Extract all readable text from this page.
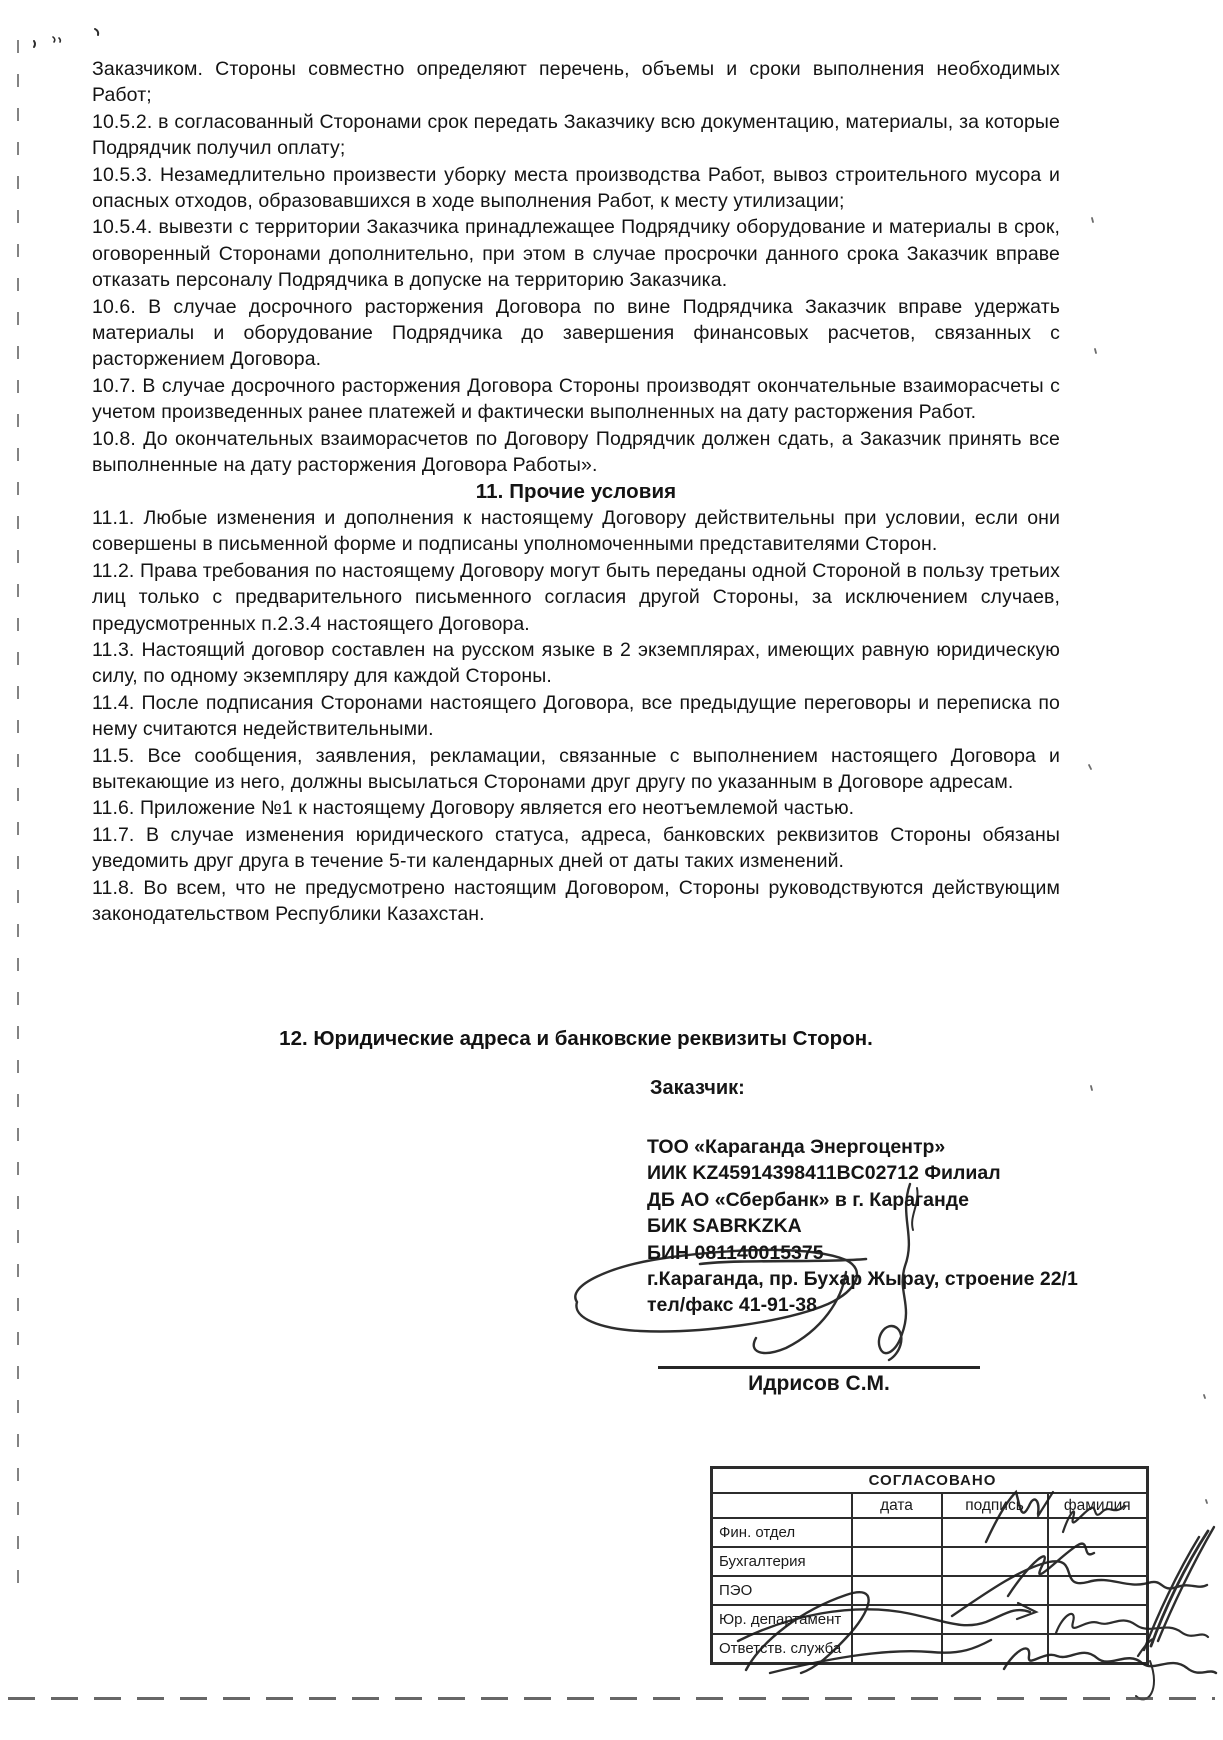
Заказчиком. Стороны совместно определяют перечень, объемы и сроки выполнения необходимых Работ;

10.5.2. в согласованный Сторонами срок передать Заказчику всю документацию, материалы, за которые Подрядчик получил оплату;

10.5.3. Незамедлительно произвести уборку места производства Работ, вывоз строительного мусора и опасных отходов, образовавшихся в ходе выполнения Работ, к месту утилизации;

10.5.4. вывезти с территории Заказчика принадлежащее Подрядчику оборудование и материалы в срок, оговоренный Сторонами дополнительно, при этом в случае просрочки данного срока Заказчик вправе отказать персоналу Подрядчика в допуске на территорию Заказчика.

10.6. В случае досрочного расторжения Договора по вине Подрядчика Заказчик вправе удержать материалы и оборудование Подрядчика до завершения финансовых расчетов, связанных с расторжением Договора.

10.7. В случае досрочного расторжения Договора Стороны производят окончательные взаиморасчеты с учетом произведенных ранее платежей и фактически выполненных на дату расторжения Работ.

10.8. До окончательных взаиморасчетов по Договору Подрядчик должен сдать, а Заказчик принять все выполненные на дату расторжения Договора Работы».

11. Прочие условия

11.1. Любые изменения и дополнения к настоящему Договору действительны при условии, если они совершены в письменной форме и подписаны уполномоченными представителями Сторон.

11.2. Права требования по настоящему Договору могут быть переданы одной Стороной в пользу третьих лиц только с предварительного письменного согласия другой Стороны, за исключением случаев, предусмотренных п.2.3.4 настоящего Договора.

11.3. Настоящий договор составлен на русском языке в 2 экземплярах, имеющих равную юридическую силу, по одному экземпляру для каждой Стороны.

11.4. После подписания Сторонами настоящего Договора, все предыдущие переговоры и переписка по нему считаются недействительными.

11.5. Все сообщения, заявления, рекламации, связанные с выполнением настоящего Договора и вытекающие из него, должны высылаться Сторонами друг другу по указанным в Договоре адресам.

11.6. Приложение №1 к настоящему Договору является его неотъемлемой частью.

11.7. В случае изменения юридического статуса, адреса, банковских реквизитов Стороны обязаны уведомить друг друга в течение 5-ти календарных дней от даты таких изменений.

11.8. Во всем, что не предусмотрено настоящим Договором, Стороны руководствуются действующим законодательством Республики Казахстан.

12. Юридические адреса и банковские реквизиты Сторон.
Заказчик:
ТОО «Караганда Энергоцентр»
ИИК KZ45914398411BC02712 Филиал
ДБ АО «Сбербанк» в г. Караганде
БИК SABRKZKA
БИН 081140015375
г.Караганда, пр. Бухар Жырау, строение 22/1
тел/факс 41-91-38
Идрисов С.М.
СОГЛАСОВАНО			
	дата	подпись	фамилия
Фин. отдел			
Бухгалтерия			
ПЭО			
Юр. департамент			
Ответств. служба			
